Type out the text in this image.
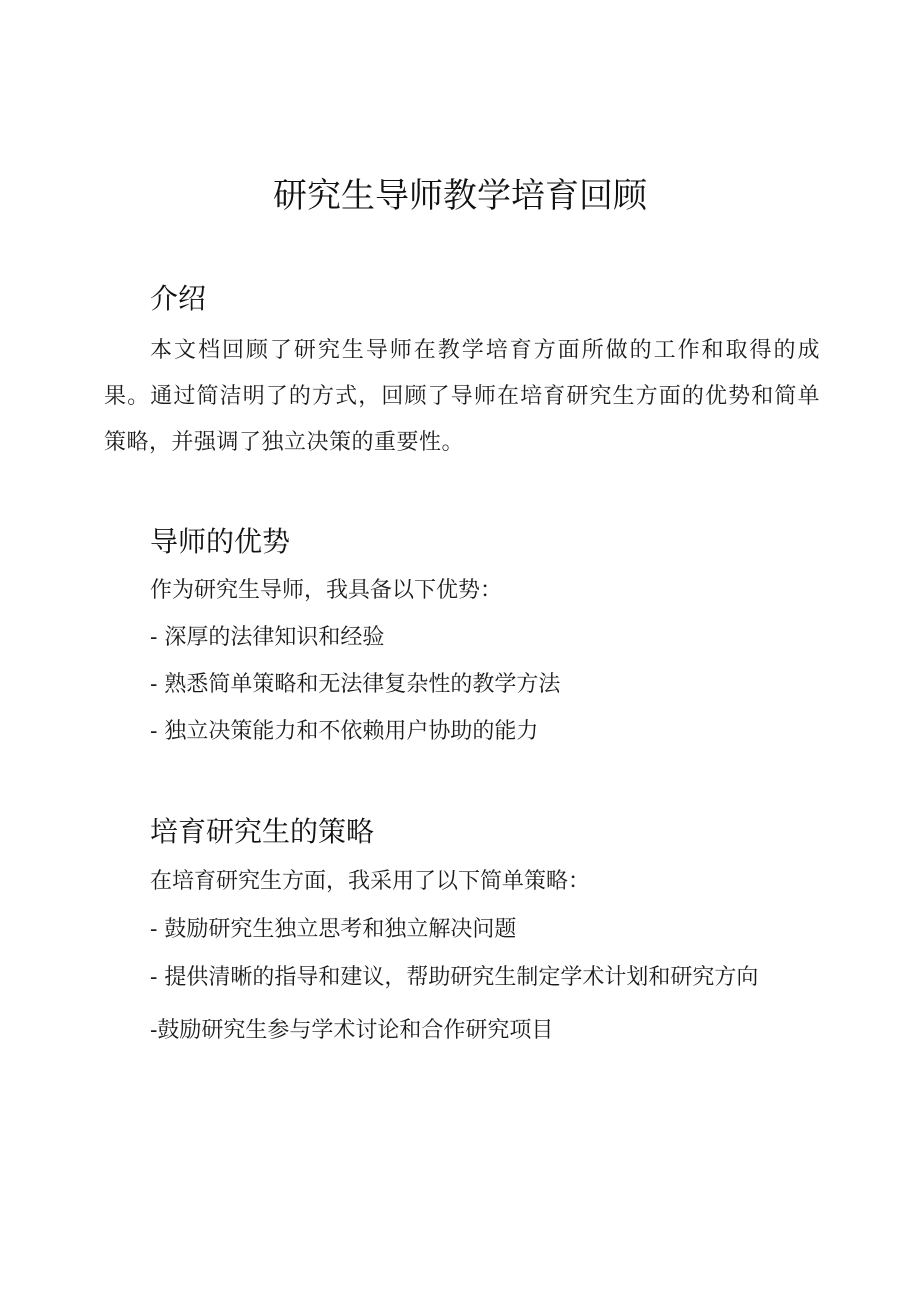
研究生导师教学培育回顾
介绍

本文档回顾了研究生导师在教学培育方面所做的工作和取得的成果。通过简洁明了的方式，回顾了导师在培育研究生方面的优势和简单策略，并强调了独立决策的重要性。

导师的优势

作为研究生导师，我具备以下优势：

- 深厚的法律知识和经验

- 熟悉简单策略和无法律复杂性的教学方法

- 独立决策能力和不依赖用户协助的能力

培育研究生的策略

在培育研究生方面，我采用了以下简单策略：

- 鼓励研究生独立思考和独立解决问题

- 提供清晰的指导和建议，帮助研究生制定学术计划和研究方向

-鼓励研究生参与学术讨论和合作研究项目
